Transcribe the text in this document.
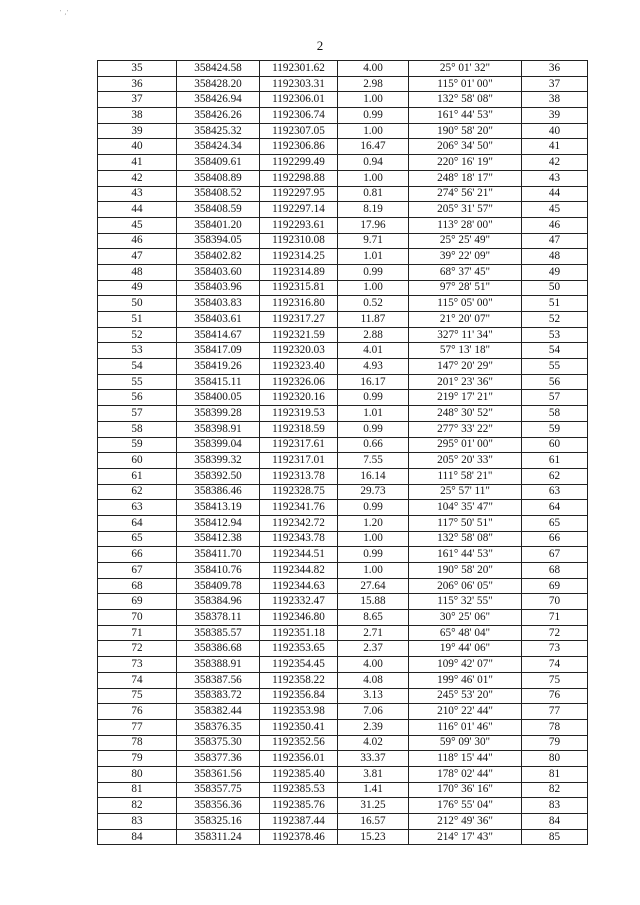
' ,'
2
35	358424.58	1192301.62	4.00	25° 01' 32"	36
36	358428.20	1192303.31	2.98	115° 01' 00"	37
37	358426.94	1192306.01	1.00	132° 58' 08"	38
38	358426.26	1192306.74	0.99	161° 44' 53"	39
39	358425.32	1192307.05	1.00	190° 58' 20"	40
40	358424.34	1192306.86	16.47	206° 34' 50"	41
41	358409.61	1192299.49	0.94	220° 16' 19"	42
42	358408.89	1192298.88	1.00	248° 18' 17"	43
43	358408.52	1192297.95	0.81	274° 56' 21"	44
44	358408.59	1192297.14	8.19	205° 31' 57"	45
45	358401.20	1192293.61	17.96	113° 28' 00"	46
46	358394.05	1192310.08	9.71	25° 25' 49"	47
47	358402.82	1192314.25	1.01	39° 22' 09"	48
48	358403.60	1192314.89	0.99	68° 37' 45"	49
49	358403.96	1192315.81	1.00	97° 28' 51"	50
50	358403.83	1192316.80	0.52	115° 05' 00"	51
51	358403.61	1192317.27	11.87	21° 20' 07"	52
52	358414.67	1192321.59	2.88	327° 11' 34"	53
53	358417.09	1192320.03	4.01	57° 13' 18"	54
54	358419.26	1192323.40	4.93	147° 20' 29"	55
55	358415.11	1192326.06	16.17	201° 23' 36"	56
56	358400.05	1192320.16	0.99	219° 17' 21"	57
57	358399.28	1192319.53	1.01	248° 30' 52"	58
58	358398.91	1192318.59	0.99	277° 33' 22"	59
59	358399.04	1192317.61	0.66	295° 01' 00"	60
60	358399.32	1192317.01	7.55	205° 20' 33"	61
61	358392.50	1192313.78	16.14	111° 58' 21"	62
62	358386.46	1192328.75	29.73	25° 57' 11"	63
63	358413.19	1192341.76	0.99	104° 35' 47"	64
64	358412.94	1192342.72	1.20	117° 50' 51"	65
65	358412.38	1192343.78	1.00	132° 58' 08"	66
66	358411.70	1192344.51	0.99	161° 44' 53"	67
67	358410.76	1192344.82	1.00	190° 58' 20"	68
68	358409.78	1192344.63	27.64	206° 06' 05"	69
69	358384.96	1192332.47	15.88	115° 32' 55"	70
70	358378.11	1192346.80	8.65	30° 25' 06"	71
71	358385.57	1192351.18	2.71	65° 48' 04"	72
72	358386.68	1192353.65	2.37	19° 44' 06"	73
73	358388.91	1192354.45	4.00	109° 42' 07"	74
74	358387.56	1192358.22	4.08	199° 46' 01"	75
75	358383.72	1192356.84	3.13	245° 53' 20"	76
76	358382.44	1192353.98	7.06	210° 22' 44"	77
77	358376.35	1192350.41	2.39	116° 01' 46"	78
78	358375.30	1192352.56	4.02	59° 09' 30"	79
79	358377.36	1192356.01	33.37	118° 15' 44"	80
80	358361.56	1192385.40	3.81	178° 02' 44"	81
81	358357.75	1192385.53	1.41	170° 36' 16"	82
82	358356.36	1192385.76	31.25	176° 55' 04"	83
83	358325.16	1192387.44	16.57	212° 49' 36"	84
84	358311.24	1192378.46	15.23	214° 17' 43"	85
